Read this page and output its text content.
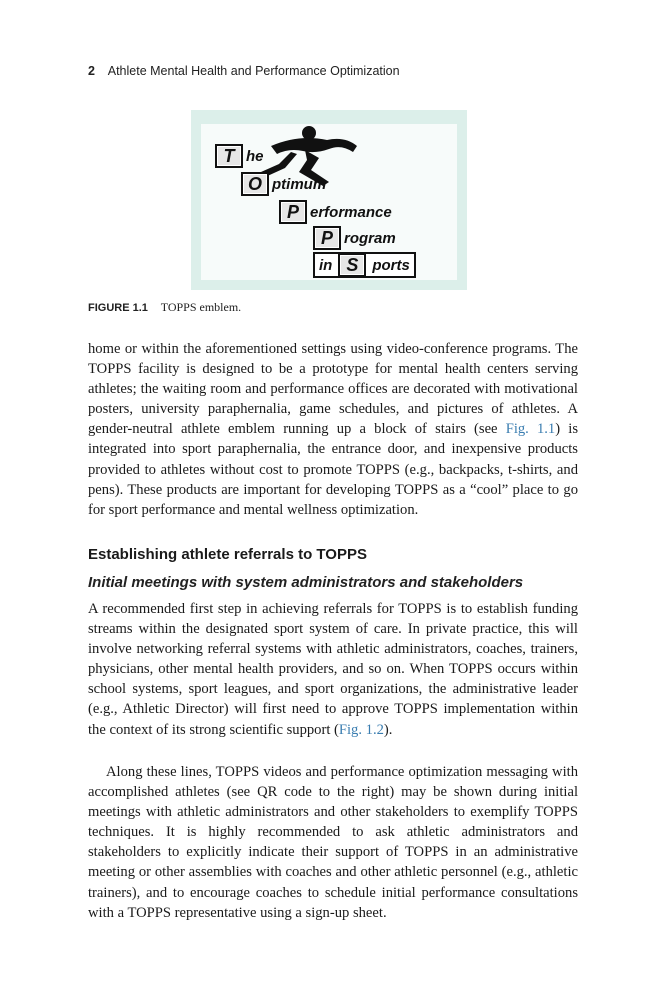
2 Athlete Mental Health and Performance Optimization
T he
O ptimum
P erformance
P rogram
in S ports
FIGURE 1.1 TOPPS emblem.

home or within the aforementioned settings using video-conference programs. The TOPPS facility is designed to be a prototype for mental health centers serving athletes; the waiting room and performance offices are decorated with motivational posters, university paraphernalia, game schedules, and pictures of athletes. A gender-neutral athlete emblem running up a block of stairs (see Fig. 1.1) is integrated into sport paraphernalia, the entrance door, and inexpensive products provided to athletes without cost to promote TOPPS (e.g., backpacks, t-shirts, and pens). These products are important for developing TOPPS as a “cool” place to go for sport performance and mental wellness optimization.

Establishing athlete referrals to TOPPS
Initial meetings with system administrators and stakeholders

A recommended first step in achieving referrals for TOPPS is to establish funding streams within the designated sport system of care. In private practice, this will involve networking referral systems with athletic administrators, coaches, trainers, physicians, other mental health providers, and so on. When TOPPS occurs within school systems, sport leagues, and sport organizations, the administrative leader (e.g., Athletic Director) will first need to approve TOPPS implementation within the context of its strong scientific support (Fig. 1.2).

Along these lines, TOPPS videos and performance optimization messaging with accomplished athletes (see QR code to the right) may be shown during initial meetings with athletic administrators and other stakeholders to exemplify TOPPS techniques. It is highly recommended to ask athletic administrators and stakeholders to explicitly indicate their support of TOPPS in an administrative meeting or other assemblies with coaches and other athletic personnel (e.g., athletic trainers), and to encourage coaches to schedule initial performance consultations with a TOPPS representative using a sign-up sheet.
